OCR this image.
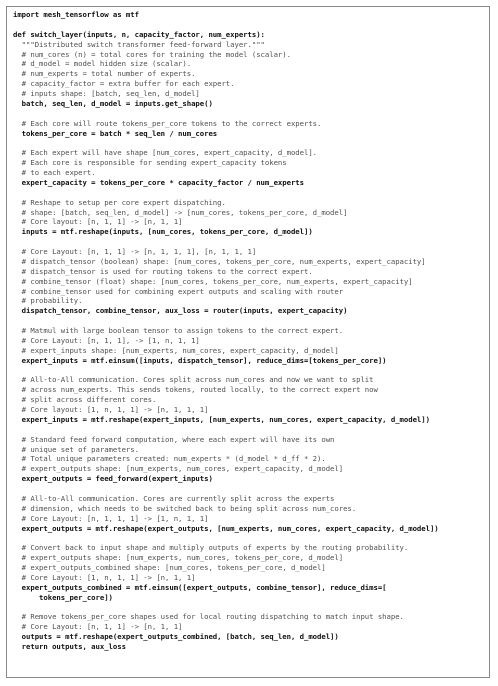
import mesh_tensorflow as mtf
def switch_layer(inputs, n, capacity_factor, num_experts):
"""Distributed switch transformer feed-forward layer."""
# num_cores (n) = total cores for training the model (scalar).
# d_model = model hidden size (scalar).
# num_experts = total number of experts.
# capacity_factor = extra buffer for each expert.
# inputs shape: [batch, seq_len, d_model]
batch, seq_len, d_model = inputs.get_shape()
# Each core will route tokens_per_core tokens to the correct experts.
tokens_per_core = batch * seq_len / num_cores
# Each expert will have shape [num_cores, expert_capacity, d_model].
# Each core is responsible for sending expert_capacity tokens
# to each expert.
expert_capacity = tokens_per_core * capacity_factor / num_experts
# Reshape to setup per core expert dispatching.
# shape: [batch, seq_len, d_model] -> [num_cores, tokens_per_core, d_model]
# Core layout: [n, 1, 1] -> [n, 1, 1]
inputs = mtf.reshape(inputs, [num_cores, tokens_per_core, d_model])
# Core Layout: [n, 1, 1] -> [n, 1, 1, 1], [n, 1, 1, 1]
# dispatch_tensor (boolean) shape: [num_cores, tokens_per_core, num_experts, expert_capacity]
# dispatch_tensor is used for routing tokens to the correct expert.
# combine_tensor (float) shape: [num_cores, tokens_per_core, num_experts, expert_capacity]
# combine_tensor used for combining expert outputs and scaling with router
# probability.
dispatch_tensor, combine_tensor, aux_loss = router(inputs, expert_capacity)
# Matmul with large boolean tensor to assign tokens to the correct expert.
# Core Layout: [n, 1, 1], -> [1, n, 1, 1]
# expert_inputs shape: [num_experts, num_cores, expert_capacity, d_model]
expert_inputs = mtf.einsum([inputs, dispatch_tensor], reduce_dims=[tokens_per_core])
# All-to-All communication. Cores split across num_cores and now we want to split
# across num_experts. This sends tokens, routed locally, to the correct expert now
# split across different cores.
# Core layout: [1, n, 1, 1] -> [n, 1, 1, 1]
expert_inputs = mtf.reshape(expert_inputs, [num_experts, num_cores, expert_capacity, d_model])
# Standard feed forward computation, where each expert will have its own
# unique set of parameters.
# Total unique parameters created: num_experts * (d_model * d_ff * 2).
# expert_outputs shape: [num_experts, num_cores, expert_capacity, d_model]
expert_outputs = feed_forward(expert_inputs)
# All-to-All communication. Cores are currently split across the experts
# dimension, which needs to be switched back to being split across num_cores.
# Core Layout: [n, 1, 1, 1] -> [1, n, 1, 1]
expert_outputs = mtf.reshape(expert_outputs, [num_experts, num_cores, expert_capacity, d_model])
# Convert back to input shape and multiply outputs of experts by the routing probability.
# expert_outputs shape: [num_experts, num_cores, tokens_per_core, d_model]
# expert_outputs_combined shape: [num_cores, tokens_per_core, d_model]
# Core Layout: [1, n, 1, 1] -> [n, 1, 1]
expert_outputs_combined = mtf.einsum([expert_outputs, combine_tensor], reduce_dims=[
tokens_per_core])
# Remove tokens_per_core shapes used for local routing dispatching to match input shape.
# Core Layout: [n, 1, 1] -> [n, 1, 1]
outputs = mtf.reshape(expert_outputs_combined, [batch, seq_len, d_model])
return outputs, aux_loss
